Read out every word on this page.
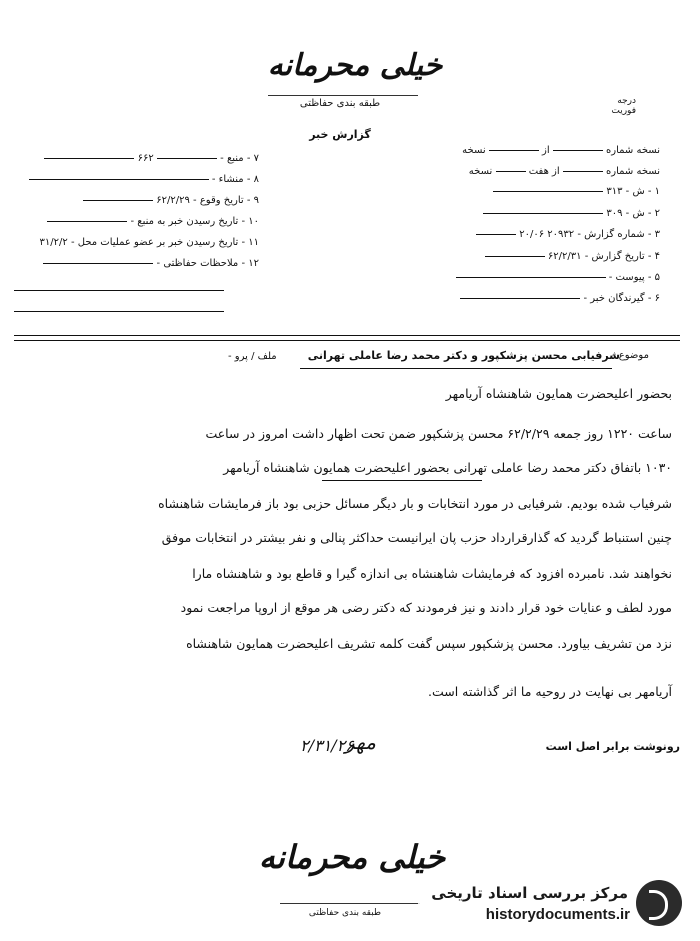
خیلی محرمانه
طبقه بندی حفاظتی	درجه فوریت
گزارش خبر
نسخه شماره  از  نسخه
نسخه شماره  از هفت  نسخه
۱ - ش - ۳۱۳
۲ - ش - ۳۰۹
۳ - شماره گزارش - ۲۰۹۳۲ ۲۰/۰۶
۴ - تاریخ گزارش - ۶۲/۲/۳۱
۵ - پیوست -
۶ - گیرندگان خبر -
۷ - منبع -  ۶۶۲
۸ - منشاء -
۹ - تاریخ وقوع - ۶۲/۲/۲۹
۱۰ - تاریخ رسیدن خبر به منبع -
۱۱ - تاریخ رسیدن خبر بر عضو عملیات محل - ۳۱/۲/۲
۱۲ - ملاحظات حفاظتی -
موضوع -
شرفیابی محسن پزشکپور و دکتر محمد رضا عاملی تهرانی
ملف / پرو -
بحضور اعلیحضرت همایون شاهنشاه آریامهر
ساعت ۱۲۲۰ روز جمعه ۶۲/۲/۲۹ محسن پزشکپور ضمن تحت اظهار داشت امروز در ساعت
۱۰۳۰ باتفاق دکتر محمد رضا عاملی تهرانی بحضور اعلیحضرت همایون شاهنشاه آریامهر
شرفیاب شده بودیم. شرفیابی در مورد انتخابات و بار دیگر مسائل حزبی بود باز فرمایشات شاهنشاه
چنین استنباط گردید که گذارقرارداد حزب پان ایرانیست حداکثر پنالی و نفر بیشتر در انتخابات موفق
نخواهند شد. نامبرده افزود که فرمایشات شاهنشاه بی اندازه گیرا و قاطع بود و شاهنشاه مارا
مورد لطف و عنایات خود قرار دادند و نیز فرمودند که دکتر رضی هر موقع از اروپا مراجعت نمود
نزد من تشریف بیاورد. محسن پزشکپور سپس گفت کلمه تشریف اعلیحضرت همایون شاهنشاه
آریامهر بی نهایت در روحیه ما اثر گذاشته است.
رونوشت برابر اصل است
مهر
۲/۳۱/۲۶
خیلی محرمانه
طبقه بندی حفاظتی
مرکز بررسی اسناد تاریخی
historydocuments.ir
